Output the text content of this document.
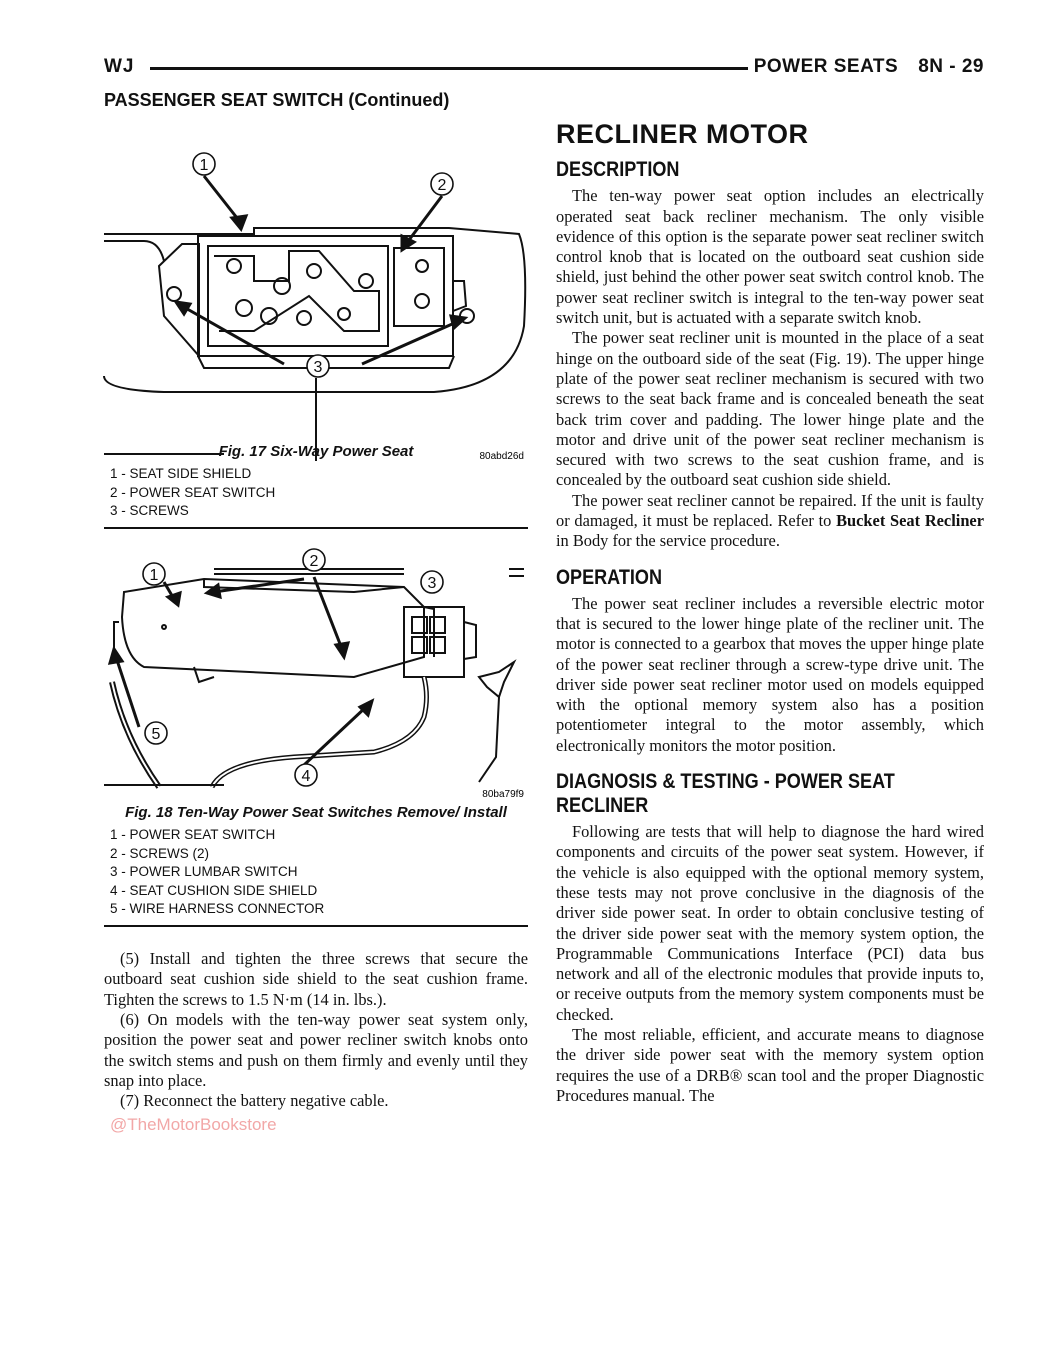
WJ	POWER SEATS 8N - 29
PASSENGER SEAT SWITCH (Continued)
1
2
3
80abd26d
Fig. 17 Six-Way Power Seat
1 - SEAT SIDE SHIELD
2 - POWER SEAT SWITCH
3 - SCREWS
1
2
3
4
5
80ba79f9
Fig. 18 Ten-Way Power Seat Switches Remove/ Install
1 - POWER SEAT SWITCH
2 - SCREWS (2)
3 - POWER LUMBAR SWITCH
4 - SEAT CUSHION SIDE SHIELD
5 - WIRE HARNESS CONNECTOR

(5) Install and tighten the three screws that secure the outboard seat cushion side shield to the seat cushion frame. Tighten the screws to 1.5 N·m (14 in. lbs.).

(6) On models with the ten-way power seat system only, position the power seat and power recliner switch knobs onto the switch stems and push on them firmly and evenly until they snap into place.

(7) Reconnect the battery negative cable.

@TheMotorBookstore
RECLINER MOTOR
DESCRIPTION

The ten-way power seat option includes an electrically operated seat back recliner mechanism. The only visible evidence of this option is the separate power seat recliner switch control knob that is located on the outboard seat cushion side shield, just behind the other power seat switch control knob. The power seat recliner switch is integral to the ten-way power seat switch unit, but is actuated with a separate switch knob.

The power seat recliner unit is mounted in the place of a seat hinge on the outboard side of the seat (Fig. 19). The upper hinge plate of the power seat recliner mechanism is secured with two screws to the seat back frame and is concealed beneath the seat back trim cover and padding. The lower hinge plate and the motor and drive unit of the power seat recliner mechanism is secured with two screws to the seat cushion frame, and is concealed by the outboard seat cushion side shield.

The power seat recliner cannot be repaired. If the unit is faulty or damaged, it must be replaced. Refer to Bucket Seat Recliner in Body for the service procedure.

OPERATION

The power seat recliner includes a reversible electric motor that is secured to the lower hinge plate of the recliner unit. The motor is connected to a gearbox that moves the upper hinge plate of the power seat recliner through a screw-type drive unit. The driver side power seat recliner motor used on models equipped with the optional memory system also has a position potentiometer integral to the motor assembly, which electronically monitors the motor position.

DIAGNOSIS & TESTING - POWER SEAT
RECLINER

Following are tests that will help to diagnose the hard wired components and circuits of the power seat system. However, if the vehicle is also equipped with the optional memory system, these tests may not prove conclusive in the diagnosis of the driver side power seat. In order to obtain conclusive testing of the driver side power seat with the memory system option, the Programmable Communications Interface (PCI) data bus network and all of the electronic modules that provide inputs to, or receive outputs from the memory system components must be checked.

The most reliable, efficient, and accurate means to diagnose the driver side power seat with the memory system option requires the use of a DRB® scan tool and the proper Diagnostic Procedures manual. The
